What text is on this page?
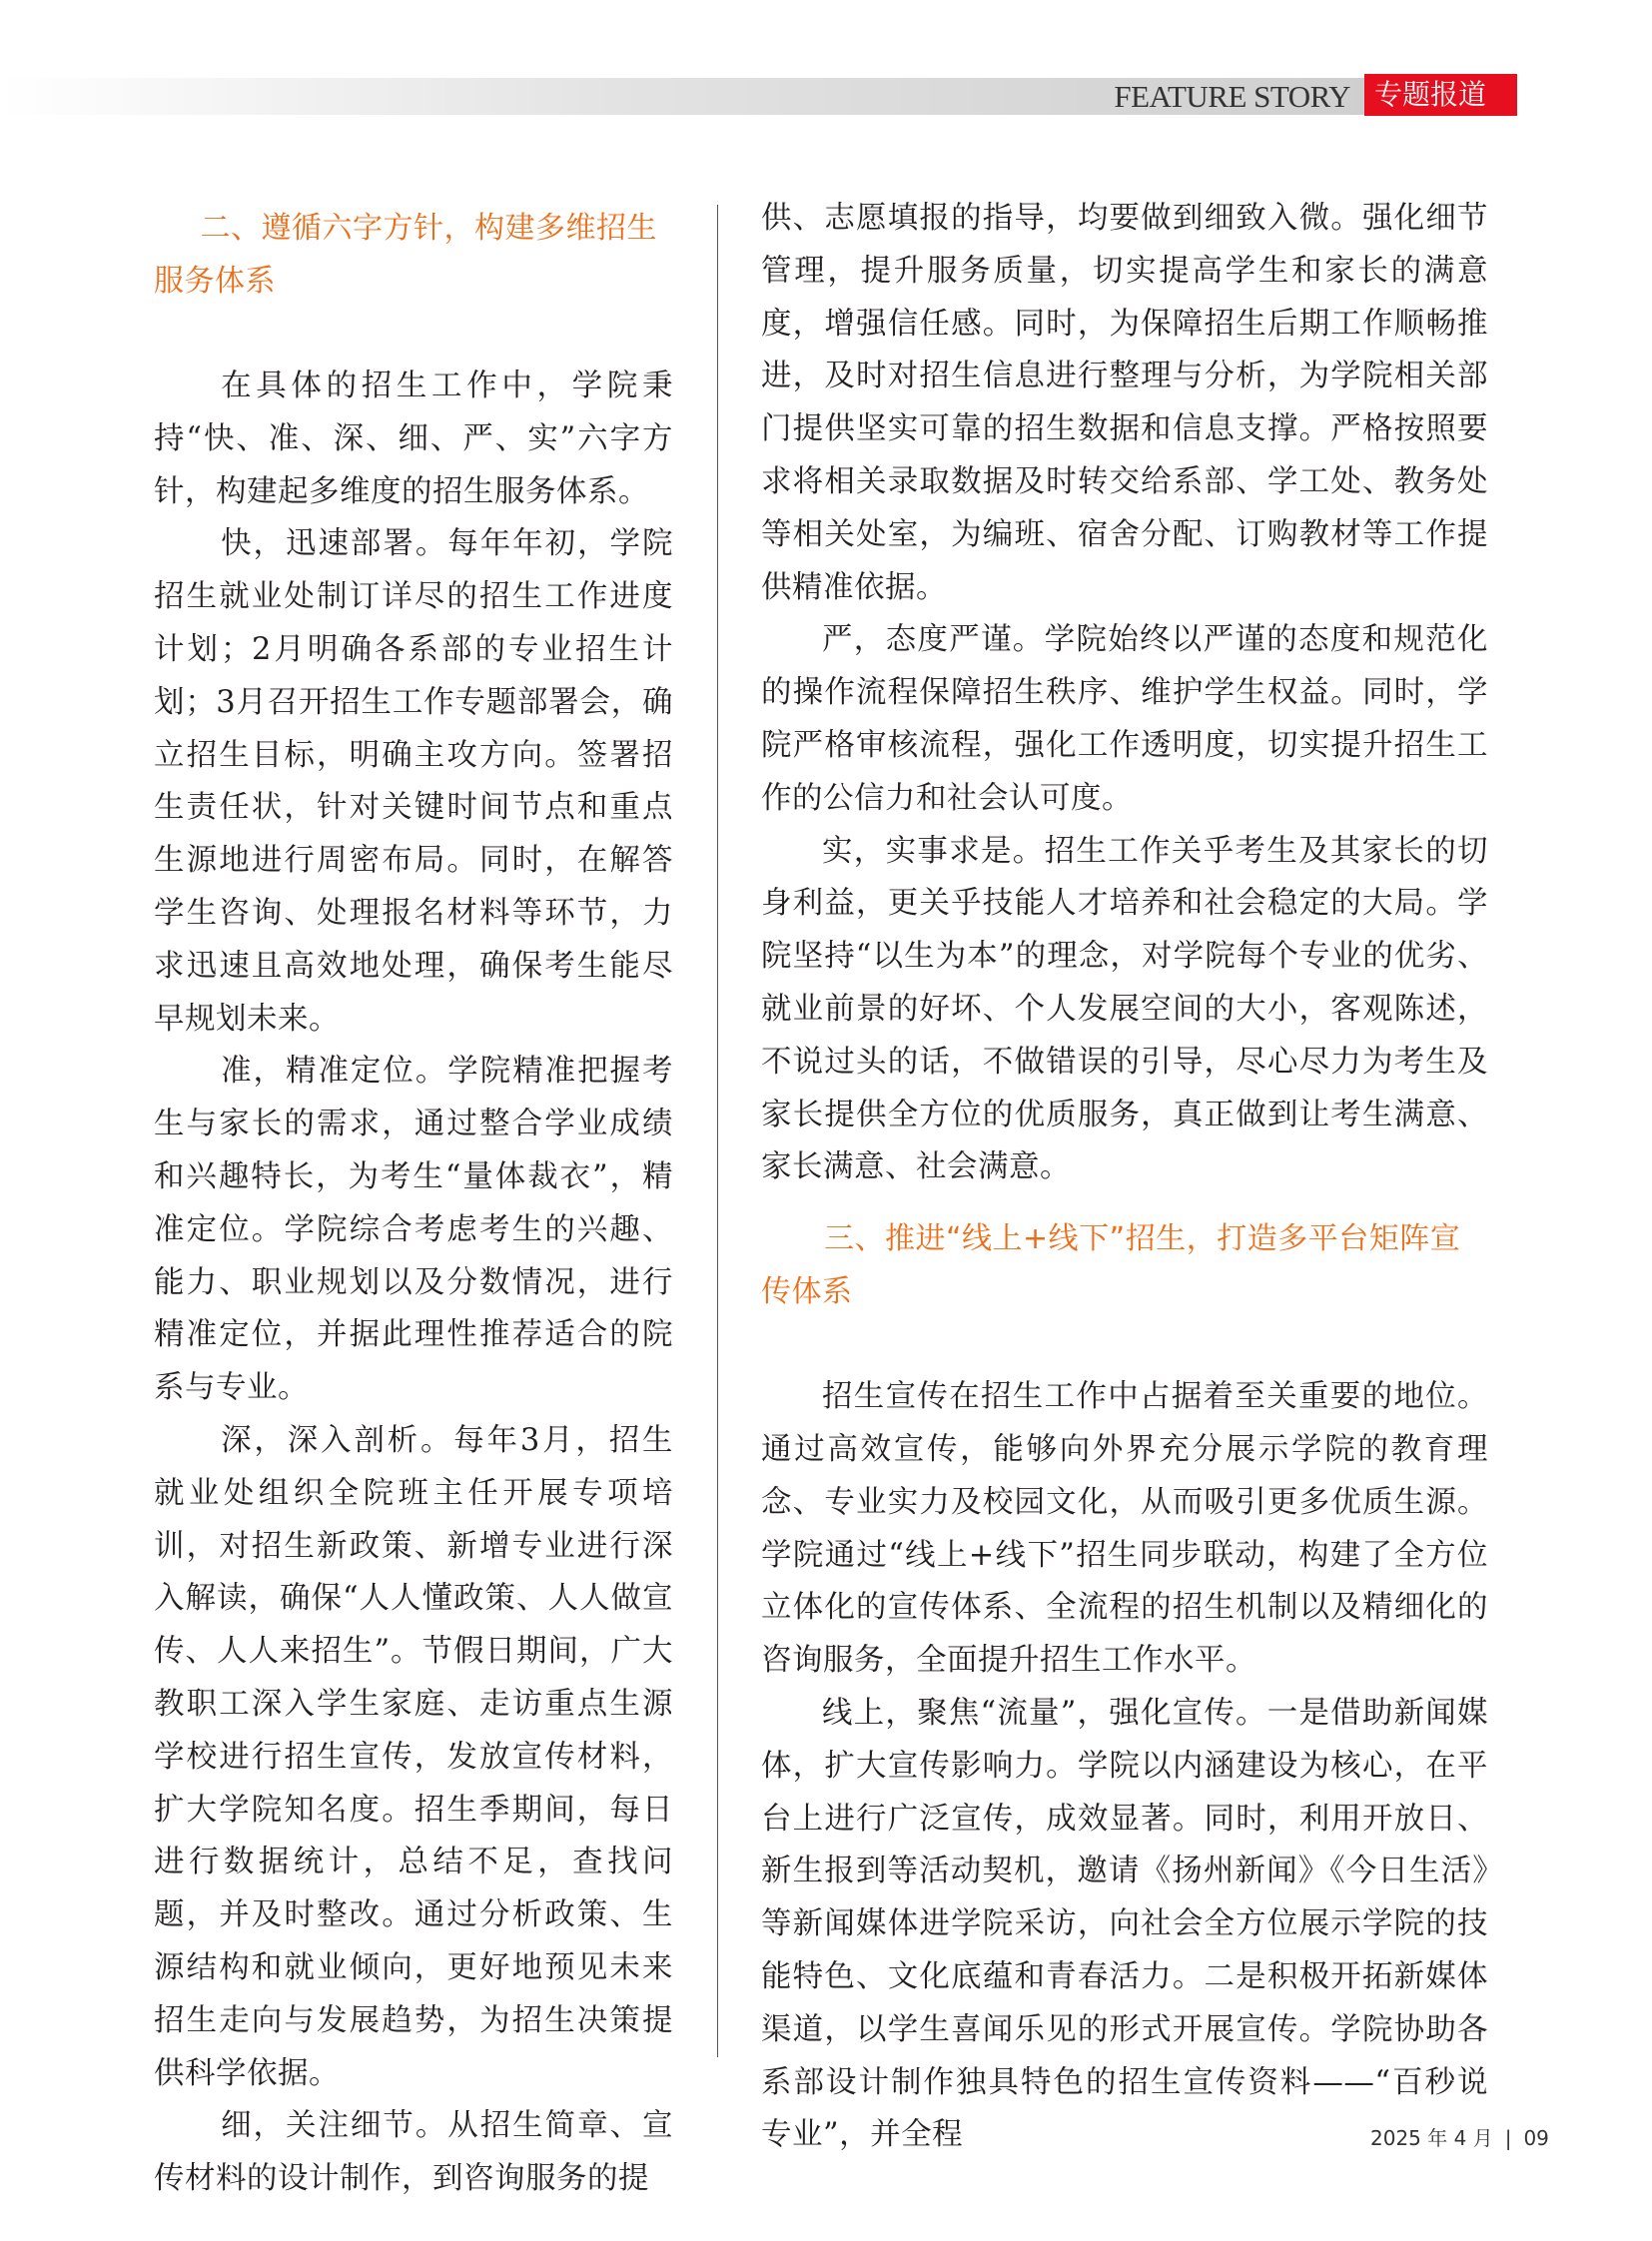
FEATURE STORY 专题报道
二、遵循六字方针，构建多维招生服务体系

在具体的招生工作中，学院秉持“快、准、深、细、严、实”六字方针，构建起多维度的招生服务体系。

快，迅速部署。每年年初，学院招生就业处制订详尽的招生工作进度计划；2月明确各系部的专业招生计划；3月召开招生工作专题部署会，确立招生目标，明确主攻方向。签署招生责任状，针对关键时间节点和重点生源地进行周密布局。同时，在解答学生咨询、处理报名材料等环节，力求迅速且高效地处理，确保考生能尽早规划未来。

准，精准定位。学院精准把握考生与家长的需求，通过整合学业成绩和兴趣特长，为考生“量体裁衣”，精准定位。学院综合考虑考生的兴趣、能力、职业规划以及分数情况，进行精准定位，并据此理性推荐适合的院系与专业。

深，深入剖析。每年3月，招生就业处组织全院班主任开展专项培训，对招生新政策、新增专业进行深入解读，确保“人人懂政策、人人做宣传、人人来招生”。节假日期间，广大教职工深入学生家庭、走访重点生源学校进行招生宣传，发放宣传材料，扩大学院知名度。招生季期间，每日进行数据统计，总结不足，查找问题，并及时整改。通过分析政策、生源结构和就业倾向，更好地预见未来招生走向与发展趋势，为招生决策提供科学依据。

细，关注细节。从招生简章、宣传材料的设计制作，到咨询服务的提

供、志愿填报的指导，均要做到细致入微。强化细节管理，提升服务质量，切实提高学生和家长的满意度，增强信任感。同时，为保障招生后期工作顺畅推进，及时对招生信息进行整理与分析，为学院相关部门提供坚实可靠的招生数据和信息支撑。严格按照要求将相关录取数据及时转交给系部、学工处、教务处等相关处室，为编班、宿舍分配、订购教材等工作提供精准依据。

严，态度严谨。学院始终以严谨的态度和规范化的操作流程保障招生秩序、维护学生权益。同时，学院严格审核流程，强化工作透明度，切实提升招生工作的公信力和社会认可度。

实，实事求是。招生工作关乎考生及其家长的切身利益，更关乎技能人才培养和社会稳定的大局。学院坚持“以生为本”的理念，对学院每个专业的优劣、就业前景的好坏、个人发展空间的大小，客观陈述，不说过头的话，不做错误的引导，尽心尽力为考生及家长提供全方位的优质服务，真正做到让考生满意、家长满意、社会满意。

三、推进“线上+线下”招生，打造多平台矩阵宣传体系

招生宣传在招生工作中占据着至关重要的地位。通过高效宣传，能够向外界充分展示学院的教育理念、专业实力及校园文化，从而吸引更多优质生源。学院通过“线上+线下”招生同步联动，构建了全方位立体化的宣传体系、全流程的招生机制以及精细化的咨询服务，全面提升招生工作水平。

线上，聚焦“流量”，强化宣传。一是借助新闻媒体，扩大宣传影响力。学院以内涵建设为核心，在平台上进行广泛宣传，成效显著。同时，利用开放日、新生报到等活动契机，邀请《扬州新闻》《今日生活》等新闻媒体进学院采访，向社会全方位展示学院的技能特色、文化底蕴和青春活力。二是积极开拓新媒体渠道，以学生喜闻乐见的形式开展宣传。学院协助各系部设计制作独具特色的招生宣传资料——“百秒说专业”，并全程	2025 年 4 月 | 09
